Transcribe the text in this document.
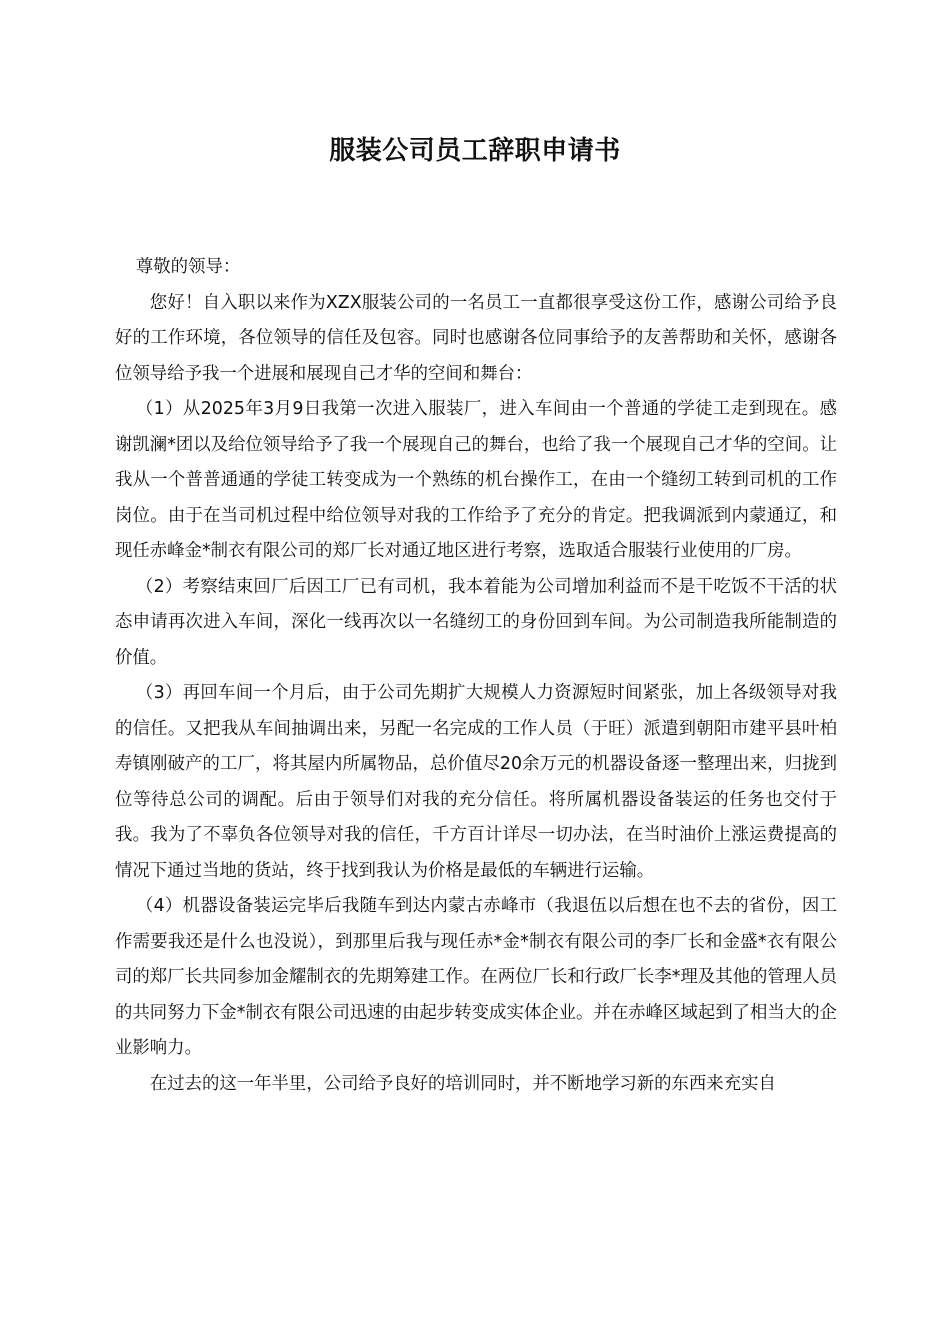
服装公司员工辞职申请书

尊敬的领导：

您好！自入职以来作为XZX服装公司的一名员工一直都很享受这份工作，感谢公司给予良好的工作环境，各位领导的信任及包容。同时也感谢各位同事给予的友善帮助和关怀，感谢各位领导给予我一个进展和展现自己才华的空间和舞台：

（1）从2025年3月9日我第一次进入服装厂，进入车间由一个普通的学徒工走到现在。感谢凯澜*团以及给位领导给予了我一个展现自己的舞台，也给了我一个展现自己才华的空间。让我从一个普普通通的学徒工转变成为一个熟练的机台操作工，在由一个缝纫工转到司机的工作岗位。由于在当司机过程中给位领导对我的工作给予了充分的肯定。把我调派到内蒙通辽，和现任赤峰金*制衣有限公司的郑厂长对通辽地区进行考察，选取适合服装行业使用的厂房。

（2）考察结束回厂后因工厂已有司机，我本着能为公司增加利益而不是干吃饭不干活的状态申请再次进入车间，深化一线再次以一名缝纫工的身份回到车间。为公司制造我所能制造的价值。

（3）再回车间一个月后，由于公司先期扩大规模人力资源短时间紧张，加上各级领导对我的信任。又把我从车间抽调出来，另配一名完成的工作人员（于旺）派遣到朝阳市建平县叶柏寿镇刚破产的工厂，将其屋内所属物品，总价值尽20余万元的机器设备逐一整理出来，归拢到位等待总公司的调配。后由于领导们对我的充分信任。将所属机器设备装运的任务也交付于我。我为了不辜负各位领导对我的信任，千方百计详尽一切办法，在当时油价上涨运费提高的情况下通过当地的货站，终于找到我认为价格是最低的车辆进行运输。

（4）机器设备装运完毕后我随车到达内蒙古赤峰市（我退伍以后想在也不去的省份，因工作需要我还是什么也没说），到那里后我与现任赤*金*制衣有限公司的李厂长和金盛*衣有限公司的郑厂长共同参加金耀制衣的先期筹建工作。在两位厂长和行政厂长李*理及其他的管理人员的共同努力下金*制衣有限公司迅速的由起步转变成实体企业。并在赤峰区域起到了相当大的企业影响力。

在过去的这一年半里，公司给予良好的培训同时，并不断地学习新的东西来充实自
